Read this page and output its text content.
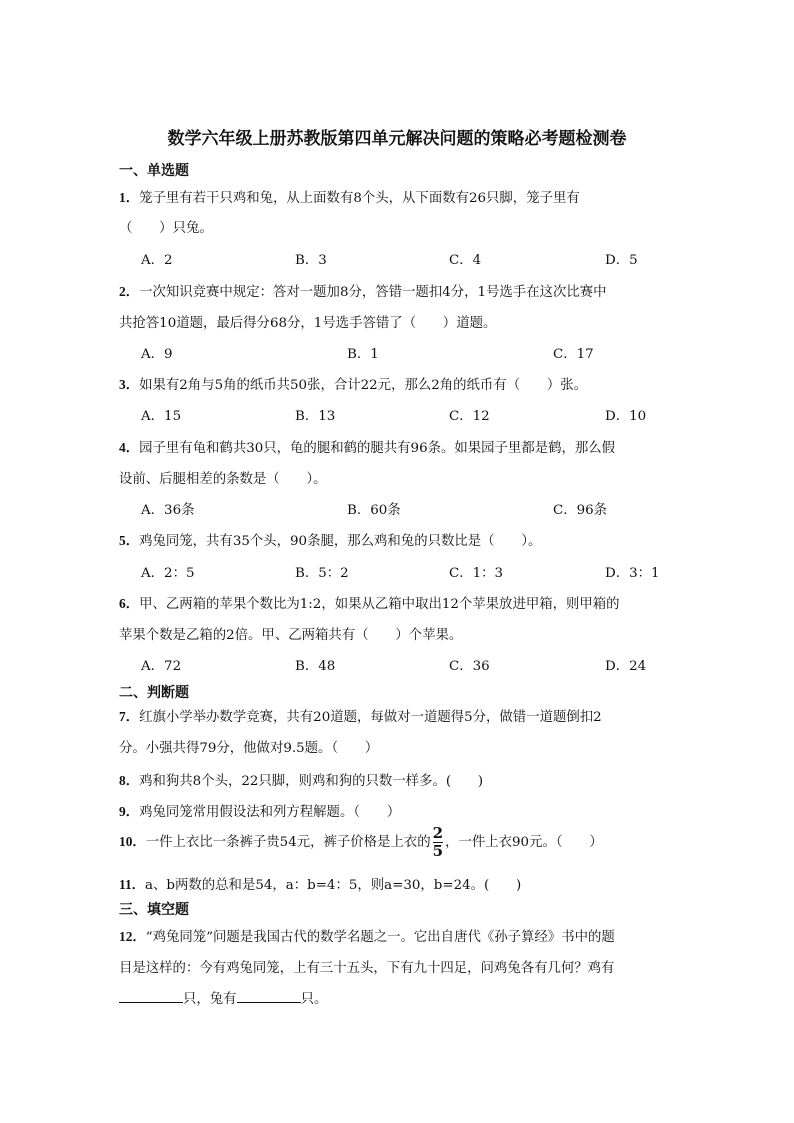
数学六年级上册苏教版第四单元解决问题的策略必考题检测卷
一、单选题
1．笼子里有若干只鸡和兔，从上面数有8个头，从下面数有26只脚，笼子里有
（　　）只兔。
A．2	B．3	C．4	D．5
2．一次知识竞赛中规定：答对一题加8分，答错一题扣4分，1号选手在这次比赛中
共抢答10道题，最后得分68分，1号选手答错了（　　）道题。
A．9	B．1	C．17
3．如果有2角与5角的纸币共50张，合计22元，那么2角的纸币有（　　）张。
A．15	B．13	C．12	D．10
4．园子里有龟和鹤共30只，龟的腿和鹤的腿共有96条。如果园子里都是鹤，那么假
设前、后腿相差的条数是（　　）。
A．36条	B．60条	C．96条
5．鸡兔同笼，共有35个头，90条腿，那么鸡和兔的只数比是（　　）。
A．2：5	B．5：2	C．1：3	D．3：1
6．甲、乙两箱的苹果个数比为1:2，如果从乙箱中取出12个苹果放进甲箱，则甲箱的
苹果个数是乙箱的2倍。甲、乙两箱共有（　　）个苹果。
A．72	B．48	C．36	D．24
二、判断题
7．红旗小学举办数学竞赛，共有20道题，每做对一道题得5分，做错一道题倒扣2
分。小强共得79分，他做对9.5题。（　　）
8．鸡和狗共8个头，22只脚，则鸡和狗的只数一样多。(　　)
9．鸡兔同笼常用假设法和列方程解题。（　　）
10．一件上衣比一条裤子贵54元，裤子价格是上衣的 $\frac{2}{5}$ ，一件上衣90元。（　　）
11．a、b两数的总和是54，a：b=4：5，则a=30，b=24。(　　)
三、填空题
12．“鸡兔同笼”问题是我国古代的数学名题之一。它出自唐代《孙子算经》书中的题
目是这样的：今有鸡兔同笼，上有三十五头，下有九十四足，问鸡兔各有几何？鸡有
只，兔有	只。
